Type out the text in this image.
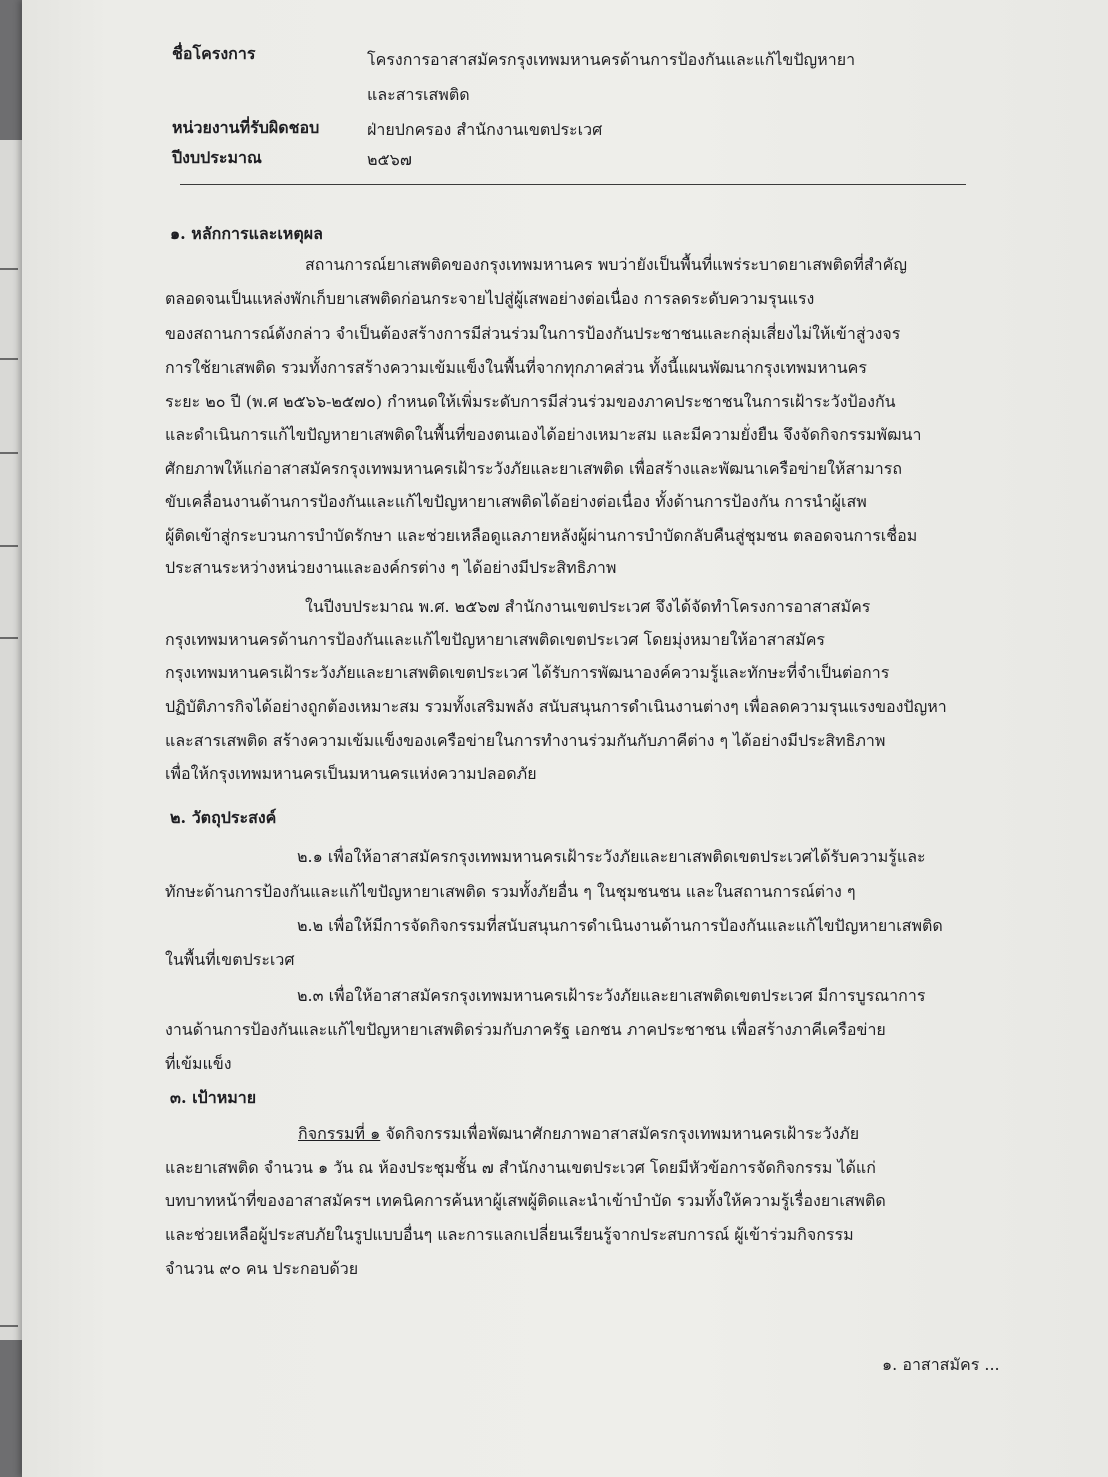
ชื่อโครงการ	โครงการอาสาสมัครกรุงเทพมหานครด้านการป้องกันและแก้ไขปัญหายา
และสารเสพติด
หน่วยงานที่รับผิดชอบ	ฝ่ายปกครอง สำนักงานเขตประเวศ
ปีงบประมาณ	๒๕๖๗
๑. หลักการและเหตุผล
สถานการณ์ยาเสพติดของกรุงเทพมหานคร พบว่ายังเป็นพื้นที่แพร่ระบาดยาเสพติดที่สำคัญ
ตลอดจนเป็นแหล่งพักเก็บยาเสพติดก่อนกระจายไปสู่ผู้เสพอย่างต่อเนื่อง การลดระดับความรุนแรง
ของสถานการณ์ดังกล่าว จำเป็นต้องสร้างการมีส่วนร่วมในการป้องกันประชาชนและกลุ่มเสี่ยงไม่ให้เข้าสู่วงจร
การใช้ยาเสพติด รวมทั้งการสร้างความเข้มแข็งในพื้นที่จากทุกภาคส่วน ทั้งนี้แผนพัฒนากรุงเทพมหานคร
ระยะ ๒๐ ปี (พ.ศ ๒๕๖๖-๒๕๗๐) กำหนดให้เพิ่มระดับการมีส่วนร่วมของภาคประชาชนในการเฝ้าระวังป้องกัน
และดำเนินการแก้ไขปัญหายาเสพติดในพื้นที่ของตนเองได้อย่างเหมาะสม และมีความยั่งยืน จึงจัดกิจกรรมพัฒนา
ศักยภาพให้แก่อาสาสมัครกรุงเทพมหานครเฝ้าระวังภัยและยาเสพติด เพื่อสร้างและพัฒนาเครือข่ายให้สามารถ
ขับเคลื่อนงานด้านการป้องกันและแก้ไขปัญหายาเสพติดได้อย่างต่อเนื่อง ทั้งด้านการป้องกัน การนำผู้เสพ
ผู้ติดเข้าสู่กระบวนการบำบัดรักษา และช่วยเหลือดูแลภายหลังผู้ผ่านการบำบัดกลับคืนสู่ชุมชน ตลอดจนการเชื่อม
ประสานระหว่างหน่วยงานและองค์กรต่าง ๆ ได้อย่างมีประสิทธิภาพ
ในปีงบประมาณ พ.ศ. ๒๕๖๗ สำนักงานเขตประเวศ จึงได้จัดทำโครงการอาสาสมัคร
กรุงเทพมหานครด้านการป้องกันและแก้ไขปัญหายาเสพติดเขตประเวศ โดยมุ่งหมายให้อาสาสมัคร
กรุงเทพมหานครเฝ้าระวังภัยและยาเสพติดเขตประเวศ ได้รับการพัฒนาองค์ความรู้และทักษะที่จำเป็นต่อการ
ปฏิบัติภารกิจได้อย่างถูกต้องเหมาะสม รวมทั้งเสริมพลัง สนับสนุนการดำเนินงานต่างๆ เพื่อลดความรุนแรงของปัญหา
และสารเสพติด สร้างความเข้มแข็งของเครือข่ายในการทำงานร่วมกันกับภาคีต่าง ๆ ได้อย่างมีประสิทธิภาพ
เพื่อให้กรุงเทพมหานครเป็นมหานครแห่งความปลอดภัย
๒. วัตถุประสงค์
๒.๑ เพื่อให้อาสาสมัครกรุงเทพมหานครเฝ้าระวังภัยและยาเสพติดเขตประเวศได้รับความรู้และ
ทักษะด้านการป้องกันและแก้ไขปัญหายาเสพติด รวมทั้งภัยอื่น ๆ ในชุมชนชน และในสถานการณ์ต่าง ๆ
๒.๒ เพื่อให้มีการจัดกิจกรรมที่สนับสนุนการดำเนินงานด้านการป้องกันและแก้ไขปัญหายาเสพติด
ในพื้นที่เขตประเวศ
๒.๓ เพื่อให้อาสาสมัครกรุงเทพมหานครเฝ้าระวังภัยและยาเสพติดเขตประเวศ มีการบูรณาการ
งานด้านการป้องกันและแก้ไขปัญหายาเสพติดร่วมกับภาครัฐ เอกชน ภาคประชาชน เพื่อสร้างภาคีเครือข่าย
ที่เข้มแข็ง
๓. เป้าหมาย
กิจกรรมที่ ๑ จัดกิจกรรมเพื่อพัฒนาศักยภาพอาสาสมัครกรุงเทพมหานครเฝ้าระวังภัย
และยาเสพติด จำนวน ๑ วัน ณ ห้องประชุมชั้น ๗ สำนักงานเขตประเวศ โดยมีหัวข้อการจัดกิจกรรม ได้แก่
บทบาทหน้าที่ของอาสาสมัครฯ เทคนิคการค้นหาผู้เสพผู้ติดและนำเข้าบำบัด รวมทั้งให้ความรู้เรื่องยาเสพติด
และช่วยเหลือผู้ประสบภัยในรูปแบบอื่นๆ และการแลกเปลี่ยนเรียนรู้จากประสบการณ์ ผู้เข้าร่วมกิจกรรม
จำนวน ๙๐ คน ประกอบด้วย
๑. อาสาสมัคร ...
